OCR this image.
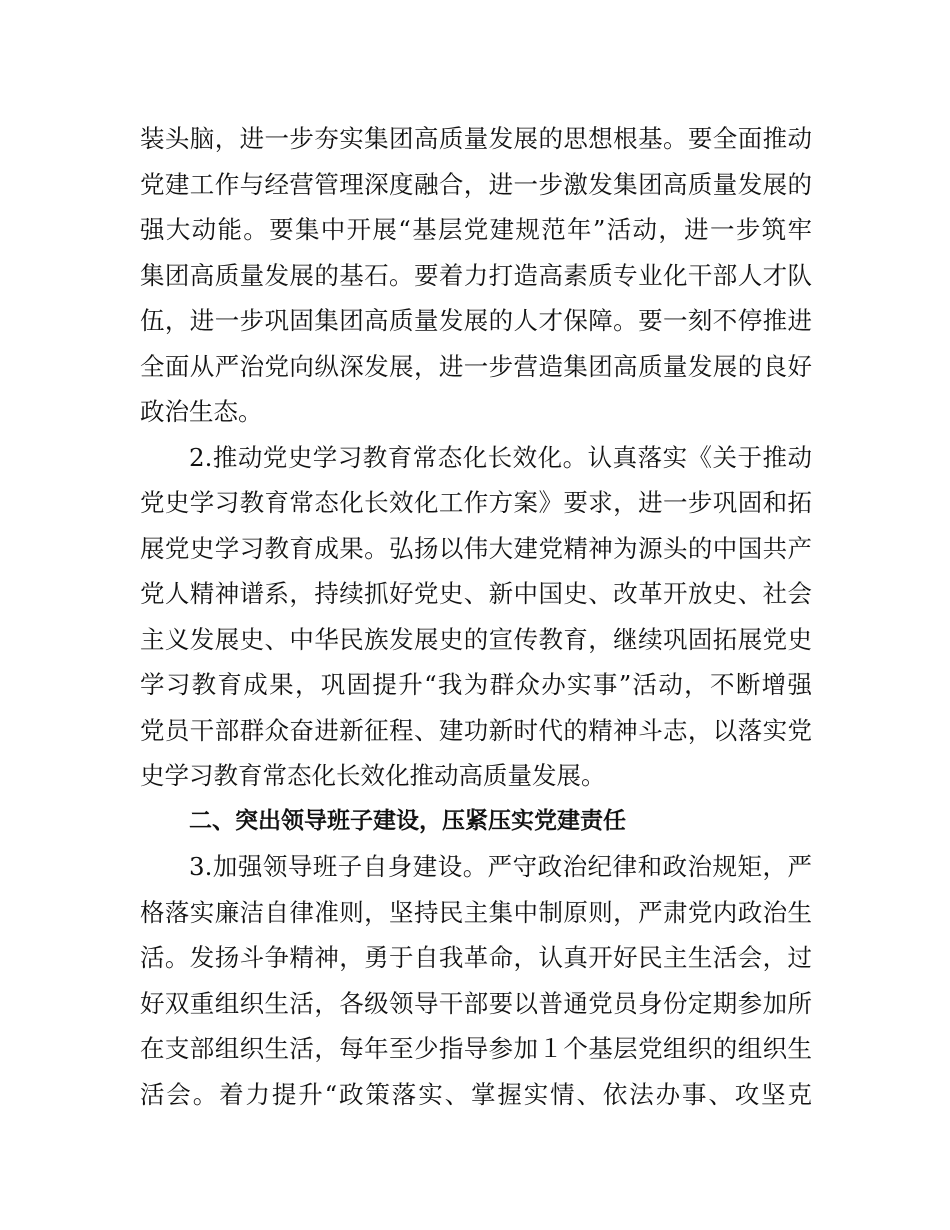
装头脑，进一步夯实集团高质量发展的思想根基。要全面推动
党建工作与经营管理深度融合，进一步激发集团高质量发展的
强大动能。要集中开展“基层党建规范年”活动，进一步筑牢
集团高质量发展的基石。要着力打造高素质专业化干部人才队
伍，进一步巩固集团高质量发展的人才保障。要一刻不停推进
全面从严治党向纵深发展，进一步营造集团高质量发展的良好
政治生态。
2.推动党史学习教育常态化长效化。认真落实《关于推动
党史学习教育常态化长效化工作方案》要求，进一步巩固和拓
展党史学习教育成果。弘扬以伟大建党精神为源头的中国共产
党人精神谱系，持续抓好党史、新中国史、改革开放史、社会
主义发展史、中华民族发展史的宣传教育，继续巩固拓展党史
学习教育成果，巩固提升“我为群众办实事”活动，不断增强
党员干部群众奋进新征程、建功新时代的精神斗志，以落实党
史学习教育常态化长效化推动高质量发展。
二、突出领导班子建设，压紧压实党建责任
3.加强领导班子自身建设。严守政治纪律和政治规矩，严
格落实廉洁自律准则，坚持民主集中制原则，严肃党内政治生
活。发扬斗争精神，勇于自我革命，认真开好民主生活会，过
好双重组织生活，各级领导干部要以普通党员身份定期参加所
在支部组织生活，每年至少指导参加１个基层党组织的组织生
活会。着力提升“政策落实、掌握实情、依法办事、攻坚克
